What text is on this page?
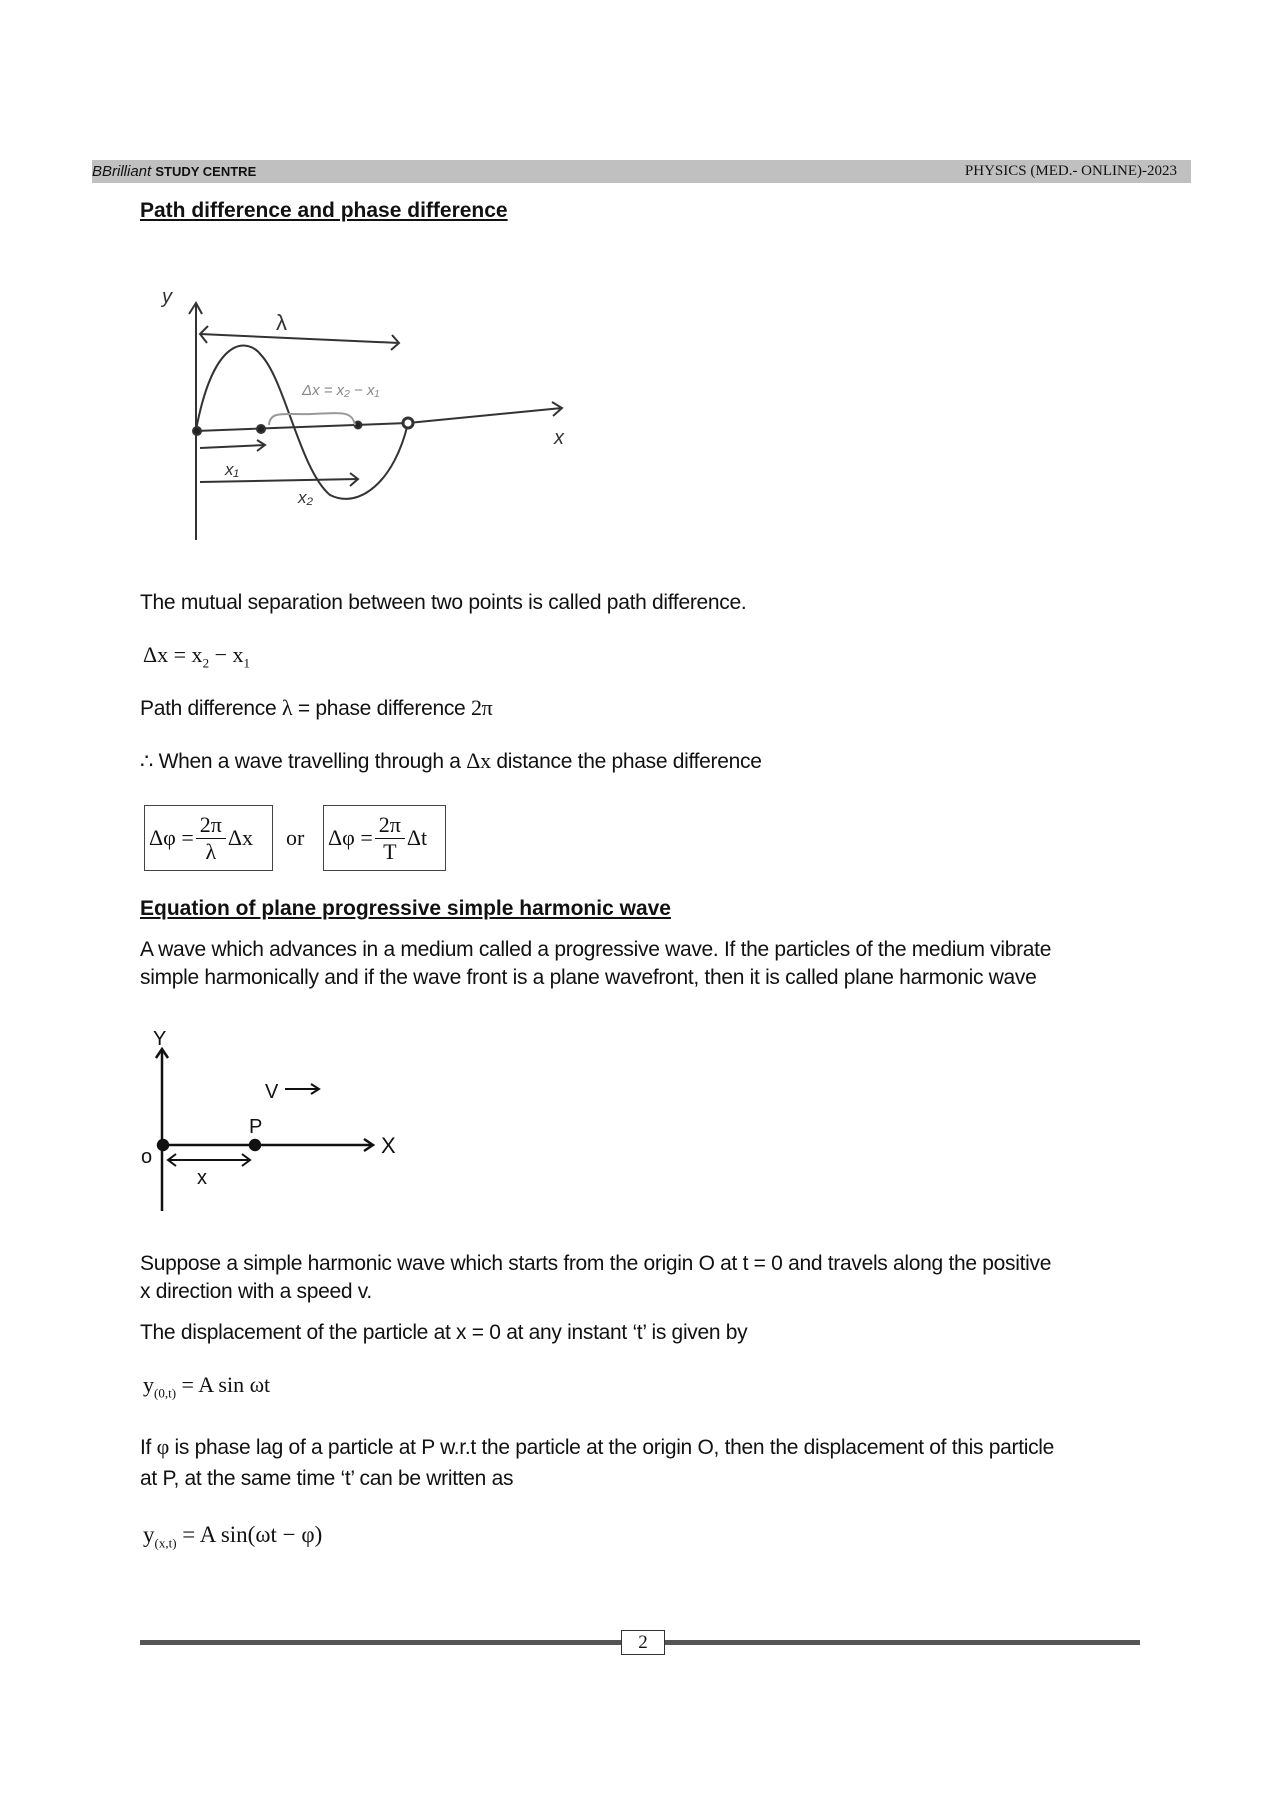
BBrilliant STUDY CENTRE	PHYSICS (MED.- ONLINE)-2023
Path difference and phase difference
y
λ
x
Δx = x₂ − x₁
x₁
x₂
The mutual separation between two points is called path difference.
$\Delta x = x_2 - x_1$
Path difference λ = phase difference 2π
∴ When a wave travelling through a Δx distance the phase difference
$\Delta\varphi = \frac{2\pi}{\lambda}$ Δx or $\Delta\varphi = \frac{2\pi}{T}$ Δt
Equation of plane progressive simple harmonic wave
A wave which advances in a medium called a progressive wave. If the particles of the medium vibrate
simple harmonically and if the wave front is a plane wavefront, then it is called plane harmonic wave
Y
X
o
P
V
x
Suppose a simple harmonic wave which starts from the origin O at t = 0 and travels along the positive
x direction with a speed v.
The displacement of the particle at x = 0 at any instant ‘t’ is given by
$y_{(0,t)} = A$ sin ωt
If φ is phase lag of a particle at P w.r.t the particle at the origin O, then the displacement of this particle
at P, at the same time ‘t’ can be written as
$y_{(x,t)} = A$ sin(ωt − φ)
2
